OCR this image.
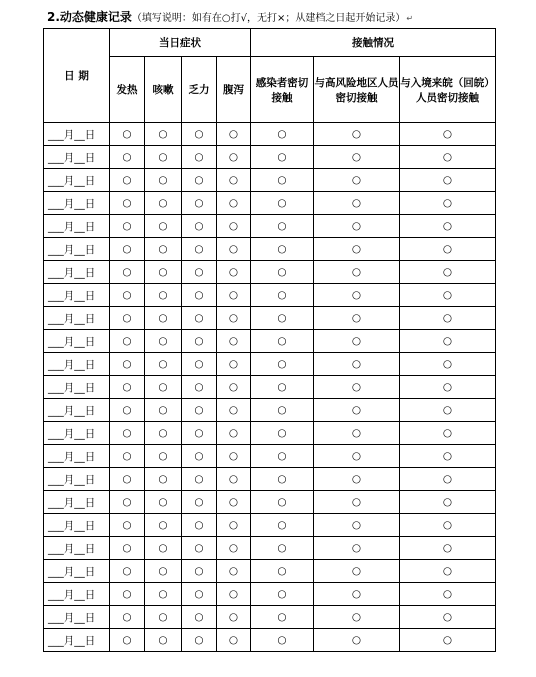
2.动态健康记录（填写说明：如有在○打√，无打×；从建档之日起开始记录）↵
日 期	当日症状				接触情况		
	发热	咳嗽	乏力	腹泻	感染者密切接触	与高风险地区人员密切接触	与入境来皖（回皖）人员密切接触
___月__日	○	○	○	○	○	○	○
___月__日	○	○	○	○	○	○	○
___月__日	○	○	○	○	○	○	○
___月__日	○	○	○	○	○	○	○
___月__日	○	○	○	○	○	○	○
___月__日	○	○	○	○	○	○	○
___月__日	○	○	○	○	○	○	○
___月__日	○	○	○	○	○	○	○
___月__日	○	○	○	○	○	○	○
___月__日	○	○	○	○	○	○	○
___月__日	○	○	○	○	○	○	○
___月__日	○	○	○	○	○	○	○
___月__日	○	○	○	○	○	○	○
___月__日	○	○	○	○	○	○	○
___月__日	○	○	○	○	○	○	○
___月__日	○	○	○	○	○	○	○
___月__日	○	○	○	○	○	○	○
___月__日	○	○	○	○	○	○	○
___月__日	○	○	○	○	○	○	○
___月__日	○	○	○	○	○	○	○
___月__日	○	○	○	○	○	○	○
___月__日	○	○	○	○	○	○	○
___月__日	○	○	○	○	○	○	○
